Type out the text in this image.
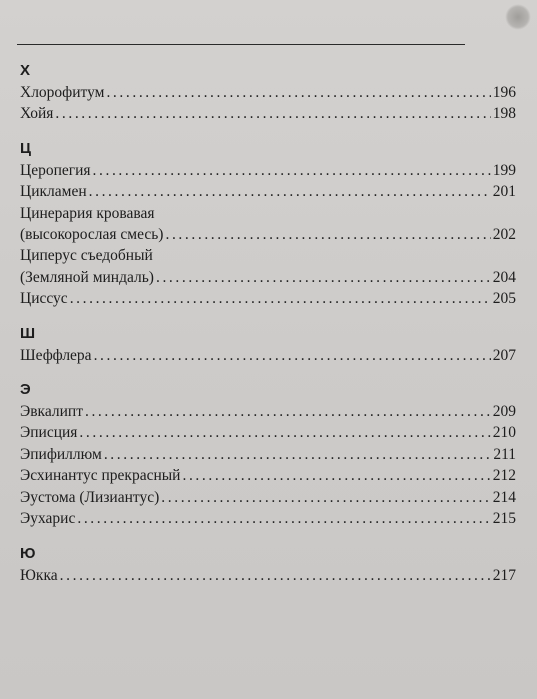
Х
Хлорофитум .....	196
Хойя .....	198
Ц
Церопегия .....	199
Цикламен .....	201
Цинерария кровавая
(высокорослая смесь) .....	202
Циперус съедобный
(Земляной миндаль) .....	204
Циссус .....	205
Ш
Шеффлера .....	207
Э
Эвкалипт .....	209
Эписция .....	210
Эпифиллюм .....	211
Эсхинантус прекрасный .....	212
Эустома (Лизиантус) .....	214
Эухарис .....	215
Ю
Юкка .....	217
